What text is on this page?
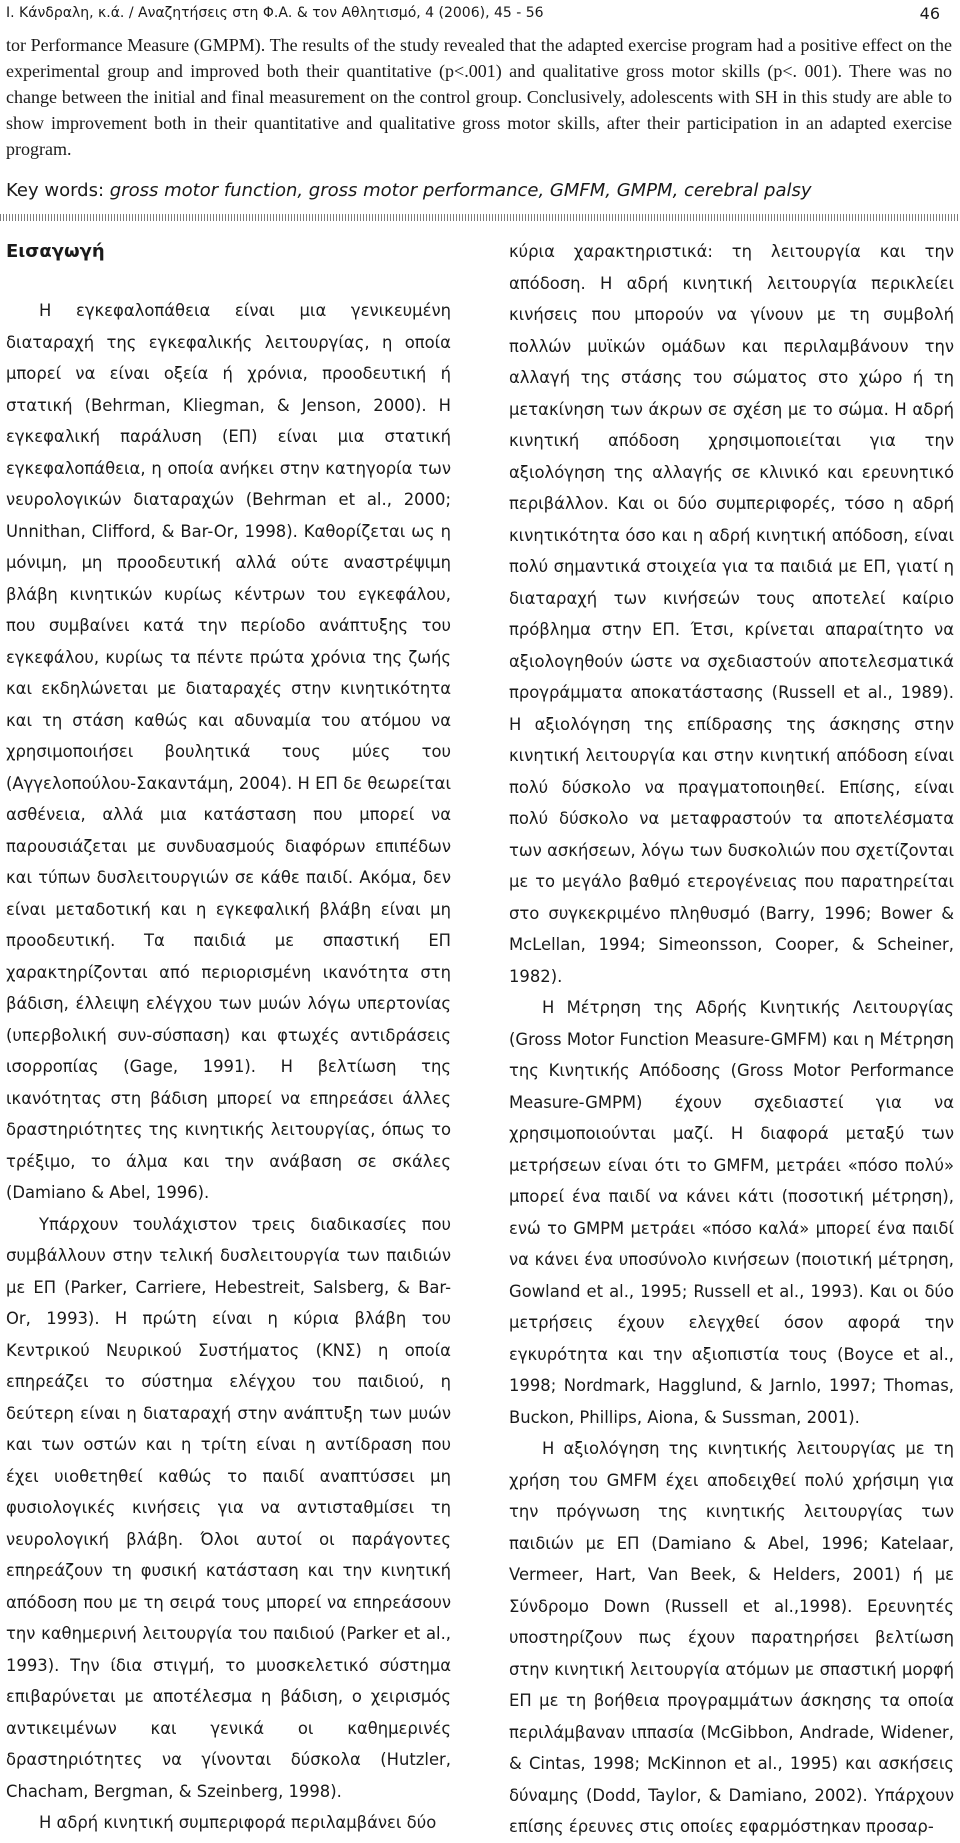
Ι. Κάνδραλη, κ.ά. / Αναζητήσεις στη Φ.Α. & τον Αθλητισμό, 4 (2006), 45 - 56	46

tor Performance Measure (GMPM). The results of the study revealed that the adapted exercise program had a positive effect on the experimental group and improved both their quantitative (p<.001) and qualitative gross motor skills (p<. 001). There was no change between the initial and final measurement on the control group. Conclusively, adolescents with SH in this study are able to show improvement both in their quantitative and qualitative gross motor skills, after their participation in an adapted exercise program.

Key words: gross motor function, gross motor performance, GMFM, GMPM, cerebral palsy
Εισαγωγή

Η εγκεφαλοπάθεια είναι μια γενικευμένη διαταραχή της εγκεφαλικής λειτουργίας, η οποία μπορεί να είναι οξεία ή χρόνια, προοδευτική ή στατική (Behrman, Kliegman, & Jenson, 2000). Η εγκεφαλική παράλυση (ΕΠ) είναι μια στατική εγκεφαλοπάθεια, η οποία ανήκει στην κατηγορία των νευρολογικών διαταραχών (Behrman et al., 2000; Unnithan, Clifford, & Bar-Or, 1998). Καθορίζεται ως η μόνιμη, μη προοδευτική αλλά ούτε αναστρέψιμη βλάβη κινητικών κυρίως κέντρων του εγκεφάλου, που συμβαίνει κατά την περίοδο ανάπτυξης του εγκεφάλου, κυρίως τα πέντε πρώτα χρόνια της ζωής και εκδηλώνεται με διαταραχές στην κινητικότητα και τη στάση καθώς και αδυναμία του ατόμου να χρησιμοποιήσει βουλητικά τους μύες του (Αγγελοπούλου-Σακαντάμη, 2004). Η ΕΠ δε θεωρείται ασθένεια, αλλά μια κατάσταση που μπορεί να παρουσιάζεται με συνδυασμούς διαφόρων επιπέδων και τύπων δυσλειτουργιών σε κάθε παιδί. Ακόμα, δεν είναι μεταδοτική και η εγκεφαλική βλάβη είναι μη προοδευτική. Τα παιδιά με σπαστική ΕΠ χαρακτηρίζονται από περιορισμένη ικανότητα στη βάδιση, έλλειψη ελέγχου των μυών λόγω υπερτονίας (υπερβολική συν-σύσπαση) και φτωχές αντιδράσεις ισορροπίας (Gage, 1991). Η βελτίωση της ικανότητας στη βάδιση μπορεί να επηρεάσει άλλες δραστηριότητες της κινητικής λειτουργίας, όπως το τρέξιμο, το άλμα και την ανάβαση σε σκάλες (Damiano & Abel, 1996).

Υπάρχουν τουλάχιστον τρεις διαδικασίες που συμβάλλουν στην τελική δυσλειτουργία των παιδιών με ΕΠ (Parker, Carriere, Hebestreit, Salsberg, & Bar-Or, 1993). Η πρώτη είναι η κύρια βλάβη του Κεντρικού Νευρικού Συστήματος (ΚΝΣ) η οποία επηρεάζει το σύστημα ελέγχου του παιδιού, η δεύτερη είναι η διαταραχή στην ανάπτυξη των μυών και των οστών και η τρίτη είναι η αντίδραση που έχει υιοθετηθεί καθώς το παιδί αναπτύσσει μη φυσιολογικές κινήσεις για να αντισταθμίσει τη νευρολογική βλάβη. Όλοι αυτοί οι παράγοντες επηρεάζουν τη φυσική κατάσταση και την κινητική απόδοση που με τη σειρά τους μπορεί να επηρεάσουν την καθημερινή λειτουργία του παιδιού (Parker et al., 1993). Την ίδια στιγμή, το μυοσκελετικό σύστημα επιβαρύνεται με αποτέλεσμα η βάδιση, ο χειρισμός αντικειμένων και γενικά οι καθημερινές δραστηριότητες να γίνονται δύσκολα (Hutzler, Chacham, Bergman, & Szeinberg, 1998).

Η αδρή κινητική συμπεριφορά περιλαμβάνει δύο

κύρια χαρακτηριστικά: τη λειτουργία και την απόδοση. Η αδρή κινητική λειτουργία περικλείει κινήσεις που μπορούν να γίνουν με τη συμβολή πολλών μυϊκών ομάδων και περιλαμβάνουν την αλλαγή της στάσης του σώματος στο χώρο ή τη μετακίνηση των άκρων σε σχέση με το σώμα. Η αδρή κινητική απόδοση χρησιμοποιείται για την αξιολόγηση της αλλαγής σε κλινικό και ερευνητικό περιβάλλον. Και οι δύο συμπεριφορές, τόσο η αδρή κινητικότητα όσο και η αδρή κινητική απόδοση, είναι πολύ σημαντικά στοιχεία για τα παιδιά με ΕΠ, γιατί η διαταραχή των κινήσεών τους αποτελεί καίριο πρόβλημα στην ΕΠ. Έτσι, κρίνεται απαραίτητο να αξιολογηθούν ώστε να σχεδιαστούν αποτελεσματικά προγράμματα αποκατάστασης (Russell et al., 1989). Η αξιολόγηση της επίδρασης της άσκησης στην κινητική λειτουργία και στην κινητική απόδοση είναι πολύ δύσκολο να πραγματοποιηθεί. Επίσης, είναι πολύ δύσκολο να μεταφραστούν τα αποτελέσματα των ασκήσεων, λόγω των δυσκολιών που σχετίζονται με το μεγάλο βαθμό ετερογένειας που παρατηρείται στο συγκεκριμένο πληθυσμό (Barry, 1996; Bower & McLellan, 1994; Simeonsson, Cooper, & Scheiner, 1982).

Η Μέτρηση της Αδρής Κινητικής Λειτουργίας (Gross Motor Function Measure-GMFM) και η Μέτρηση της Κινητικής Απόδοσης (Gross Motor Performance Measure-GMPM) έχουν σχεδιαστεί για να χρησιμοποιούνται μαζί. Η διαφορά μεταξύ των μετρήσεων είναι ότι το GMFM, μετράει «πόσο πολύ» μπορεί ένα παιδί να κάνει κάτι (ποσοτική μέτρηση), ενώ το GMPM μετράει «πόσο καλά» μπορεί ένα παιδί να κάνει ένα υποσύνολο κινήσεων (ποιοτική μέτρηση, Gowland et al., 1995; Russell et al., 1993). Και οι δύο μετρήσεις έχουν ελεγχθεί όσον αφορά την εγκυρότητα και την αξιοπιστία τους (Boyce et al., 1998; Nordmark, Hagglund, & Jarnlo, 1997; Thomas, Buckon, Phillips, Aiona, & Sussman, 2001).

Η αξιολόγηση της κινητικής λειτουργίας με τη χρήση του GMFM έχει αποδειχθεί πολύ χρήσιμη για την πρόγνωση της κινητικής λειτουργίας των παιδιών με ΕΠ (Damiano & Abel, 1996; Katelaar, Vermeer, Hart, Van Beek, & Helders, 2001) ή με Σύνδρομο Down (Russell et al.,1998). Ερευνητές υποστηρίζουν πως έχουν παρατηρήσει βελτίωση στην κινητική λειτουργία ατόμων με σπαστική μορφή ΕΠ με τη βοήθεια προγραμμάτων άσκησης τα οποία περιλάμβαναν ιππασία (McGibbon, Andrade, Widener, & Cintas, 1998; McKinnon et al., 1995) και ασκήσεις δύναμης (Dodd, Taylor, & Damiano, 2002). Υπάρχουν επίσης έρευνες στις οποίες εφαρμόστηκαν προσαρ-
